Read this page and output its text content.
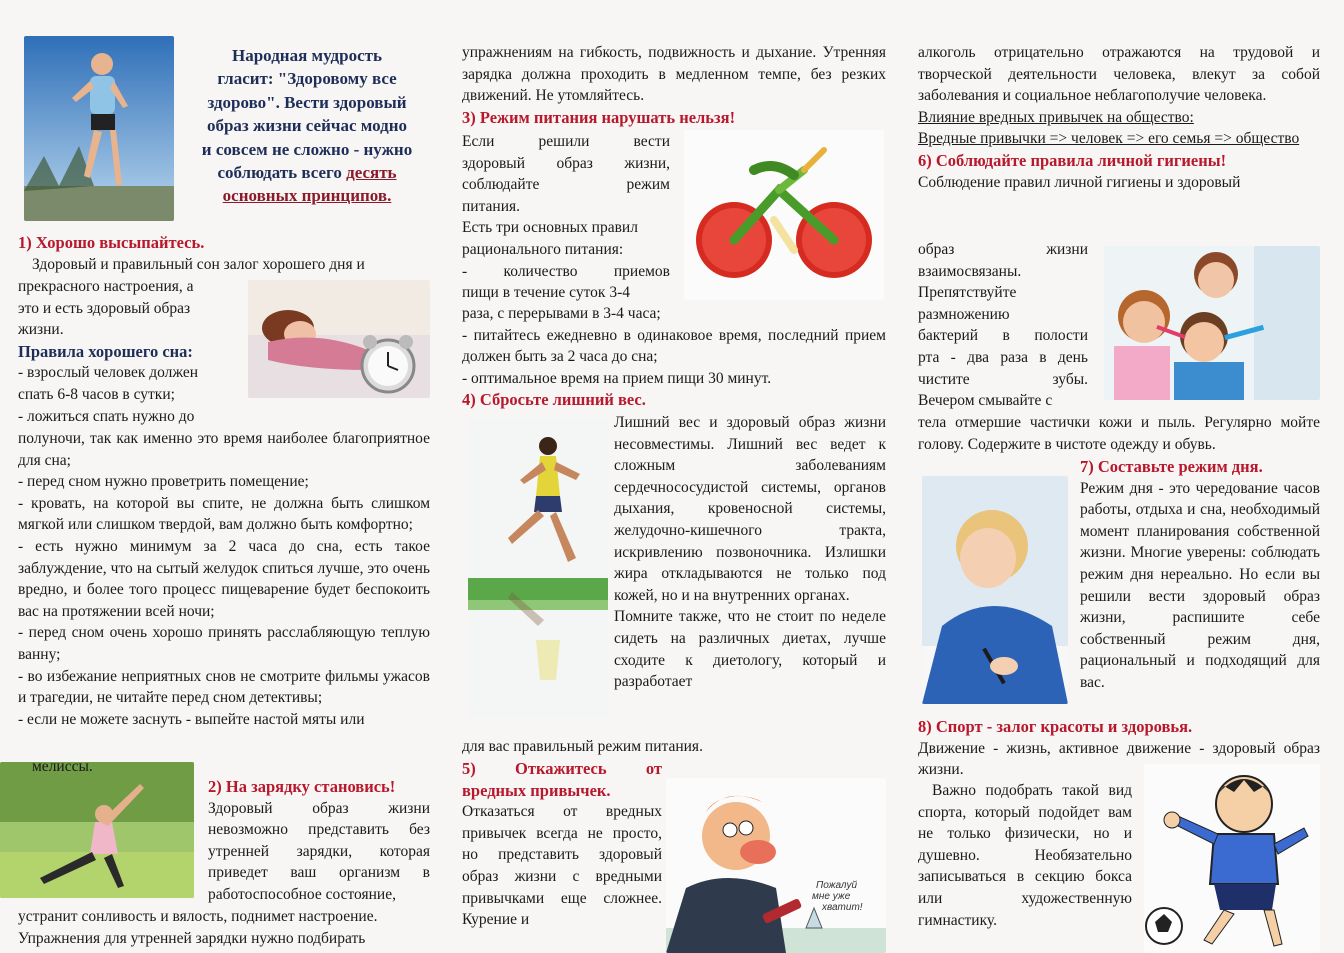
Народная мудрость
гласит: "Здоровому все
здорово". Вести здоровый
образ жизни сейчас модно
и совсем не сложно - нужно
соблюдать всего десять
основных принципов.
1) Хорошо высыпайтесь.

Здоровый и правильный сон залог хорошего дня и

прекрасного настроения, а

это и есть здоровый образ

жизни.

Правила хорошего сна:

- взрослый человек должен

спать 6-8 часов в сутки;

- ложиться спать нужно до

полуночи, так как именно это время наиболее благоприятное для сна;

- перед сном нужно проветрить помещение;

- кровать, на которой вы спите, не должна быть слишком мягкой или слишком твердой, вам должно быть комфортно;

- есть нужно минимум за 2 часа до сна, есть такое заблуждение, что на сытый желудок спиться лучше, это очень вредно, и более того процесс пищеварение будет беспокоить вас на протяжении всей ночи;

- перед сном очень хорошо принять расслабляющую теплую ванну;

- во избежание неприятных снов не смотрите фильмы ужасов и трагедии, не читайте перед сном детективы;

- если не можете заснуть - выпейте настой мяты или

мелиссы.

2) На зарядку становись!

Здоровый образ жизни

невозможно представить без

утренней зарядки, которая

приведет ваш организм в

работоспособное состояние,

устранит сонливость и вялость, поднимет настроение.

Упражнения для утренней зарядки нужно подбирать

упражнениям на гибкость, подвижность и дыхание. Утренняя зарядка должна проходить в медленном темпе, без резких движений. Не утомляйтесь.

3) Режим питания нарушать нельзя!

Если решили вести

здоровый образ жизни,

соблюдайте режим

питания.

Есть три основных правил

рационального питания:

- количество приемов

пищи в течение суток 3-4

раза, с перерывами в 3-4 часа;

- питайтесь ежедневно в одинаковое время, последний прием должен быть за 2 часа до сна;

- оптимальное время на прием пищи 30 минут.

4) Сбросьте лишний вес.

Лишний вес и здоровый образ жизни несовместимы. Лишний вес ведет к сложным заболеваниям сердечнососудистой системы, органов дыхания, кровеносной системы, желудочно-кишечного тракта, искривлению позвоночника. Излишки жира откладываются не только под кожей, но и на внутренних органах.

Помните также, что не стоит по неделе сидеть на различных диетах, лучше сходите к диетологу, который и разработает

для вас правильный режим питания.

5) Откажитесь от
вредных привычек.

Отказаться от вредных привычек всегда не просто, но представить здоровый образ жизни с вредными привычками еще сложнее. Курение и

Пожалуй
мне уже
хватит!

алкоголь отрицательно отражаются на трудовой и творческой деятельности человека, влекут за собой заболевания и социальное неблагополучие человека.

Влияние вредных привычек на общество:

Вредные привычки => человек => его семья => общество

6) Соблюдайте правила личной гигиены!

Соблюдение правил личной гигиены и здоровый

образ жизни

взаимосвязаны.

Препятствуйте

размножению

бактерий в полости

рта - два раза в день

чистите зубы.

Вечером смывайте с

тела отмершие частички кожи и пыль. Регулярно мойте голову. Содержите в чистоте одежду и обувь.

7) Составьте режим дня.

Режим дня - это чередование часов работы, отдыха и сна, необходимый момент планирования собственной жизни. Многие уверены: соблюдать режим дня нереально. Но если вы решили вести здоровый образ жизни, распишите себе собственный режим дня, рациональный и подходящий для вас.

8) Спорт - залог красоты и здоровья.

Движение - жизнь, активное движение - здоровый образ жизни.

Важно подобрать такой вид спорта, который подойдет вам не только физически, но и душевно. Необязательно записываться в секцию бокса или художественную гимнастику.
